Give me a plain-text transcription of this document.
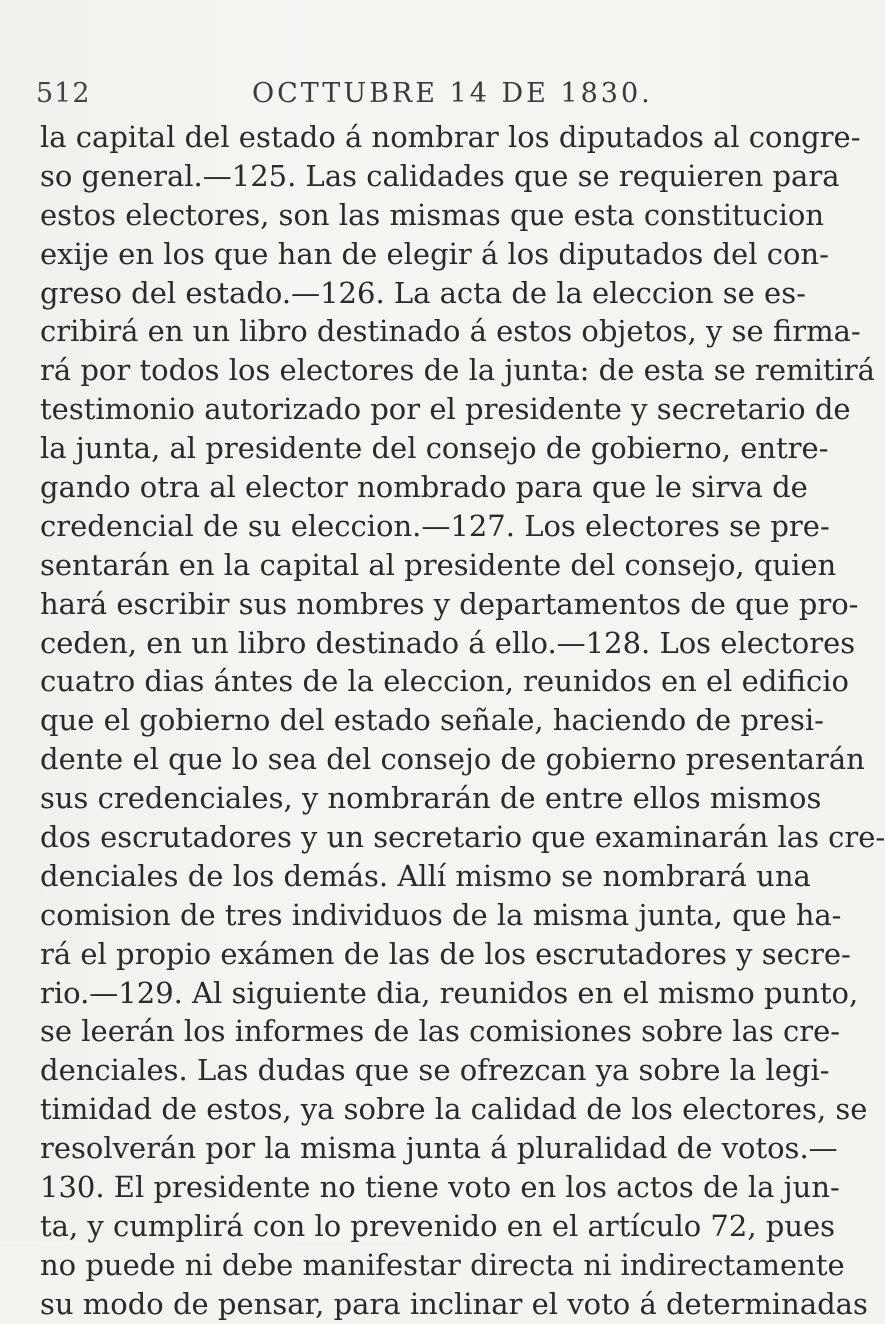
512	OCTTUBRE 14 DE 1830.
la capital del estado á nombrar los diputados al congre-
so general.—125. Las calidades que se requieren para
estos electores, son las mismas que esta constitucion
exije en los que han de elegir á los diputados del con-
greso del estado.—126. La acta de la eleccion se es-
cribirá en un libro destinado á estos objetos, y se firma-
rá por todos los electores de la junta: de esta se remitirá
testimonio autorizado por el presidente y secretario de
la junta, al presidente del consejo de gobierno, entre-
gando otra al elector nombrado para que le sirva de
credencial de su eleccion.—127. Los electores se pre-
sentarán en la capital al presidente del consejo, quien
hará escribir sus nombres y departamentos de que pro-
ceden, en un libro destinado á ello.—128. Los electores
cuatro dias ántes de la eleccion, reunidos en el edificio
que el gobierno del estado señale, haciendo de presi-
dente el que lo sea del consejo de gobierno presentarán
sus credenciales, y nombrarán de entre ellos mismos
dos escrutadores y un secretario que examinarán las cre-
denciales de los demás. Allí mismo se nombrará una
comision de tres individuos de la misma junta, que ha-
rá el propio exámen de las de los escrutadores y secre-
rio.—129. Al siguiente dia, reunidos en el mismo punto,
se leerán los informes de las comisiones sobre las cre-
denciales. Las dudas que se ofrezcan ya sobre la legi-
timidad de estos, ya sobre la calidad de los electores, se
resolverán por la misma junta á pluralidad de votos.—
130. El presidente no tiene voto en los actos de la jun-
ta, y cumplirá con lo prevenido en el artículo 72, pues
no puede ni debe manifestar directa ni indirectamente
su modo de pensar, para inclinar el voto á determinadas
